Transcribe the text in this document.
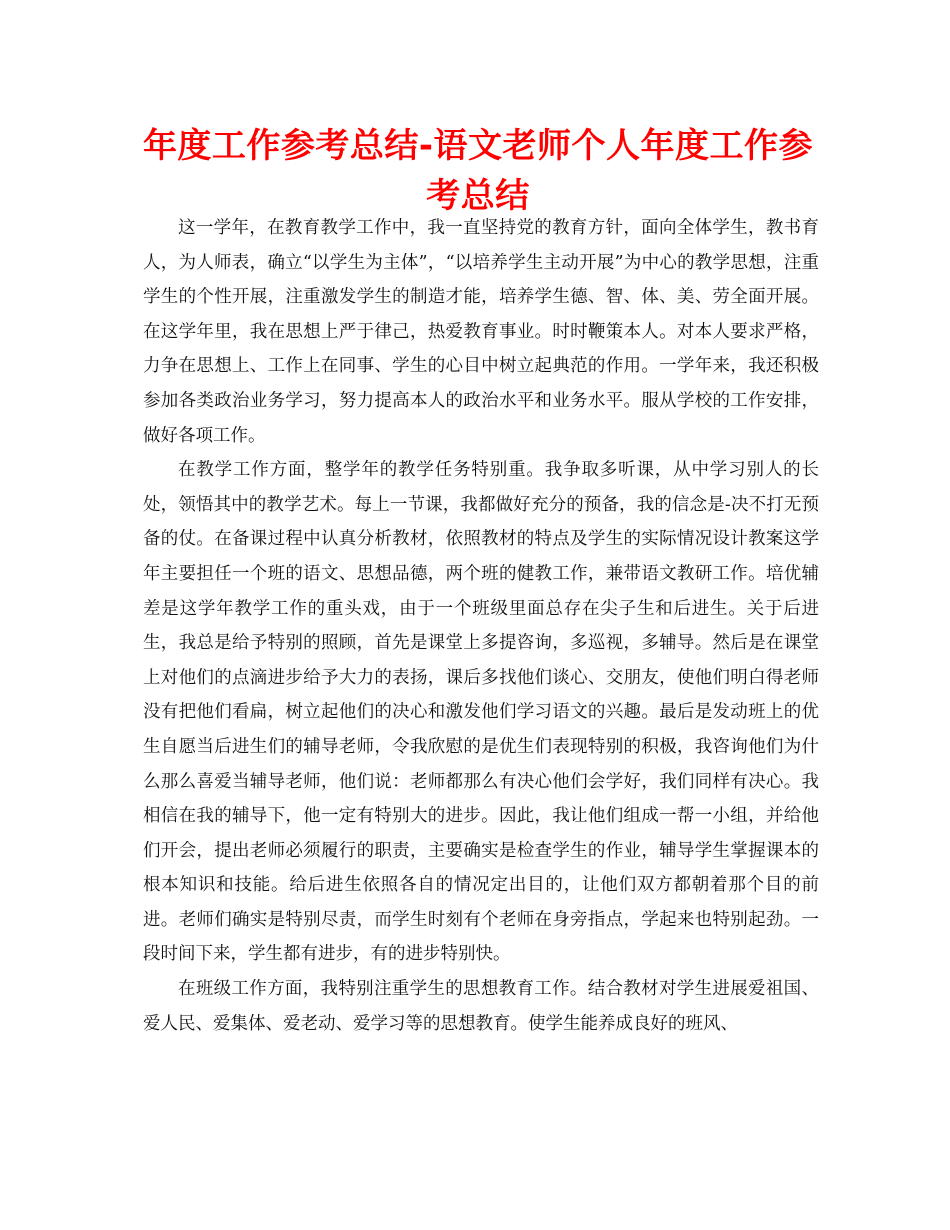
年度工作参考总结-语文老师个人年度工作参考总结

这一学年，在教育教学工作中，我一直坚持党的教育方针，面向全体学生，教书育人，为人师表，确立“以学生为主体”，“以培养学生主动开展”为中心的教学思想，注重学生的个性开展，注重激发学生的制造才能，培养学生德、智、体、美、劳全面开展。在这学年里，我在思想上严于律己，热爱教育事业。时时鞭策本人。对本人要求严格，力争在思想上、工作上在同事、学生的心目中树立起典范的作用。一学年来，我还积极参加各类政治业务学习，努力提高本人的政治水平和业务水平。服从学校的工作安排，做好各项工作。

在教学工作方面，整学年的教学任务特别重。我争取多听课，从中学习别人的长处，领悟其中的教学艺术。每上一节课，我都做好充分的预备，我的信念是-决不打无预备的仗。在备课过程中认真分析教材，依照教材的特点及学生的实际情况设计教案这学年主要担任一个班的语文、思想品德，两个班的健教工作，兼带语文教研工作。培优辅差是这学年教学工作的重头戏，由于一个班级里面总存在尖子生和后进生。关于后进生，我总是给予特别的照顾，首先是课堂上多提咨询，多巡视，多辅导。然后是在课堂上对他们的点滴进步给予大力的表扬，课后多找他们谈心、交朋友，使他们明白得老师没有把他们看扁，树立起他们的决心和激发他们学习语文的兴趣。最后是发动班上的优生自愿当后进生们的辅导老师，令我欣慰的是优生们表现特别的积极，我咨询他们为什么那么喜爱当辅导老师，他们说：老师都那么有决心他们会学好，我们同样有决心。我相信在我的辅导下，他一定有特别大的进步。因此，我让他们组成一帮一小组，并给他们开会，提出老师必须履行的职责，主要确实是检查学生的作业，辅导学生掌握课本的根本知识和技能。给后进生依照各自的情况定出目的，让他们双方都朝着那个目的前进。老师们确实是特别尽责，而学生时刻有个老师在身旁指点，学起来也特别起劲。一段时间下来，学生都有进步，有的进步特别快。

在班级工作方面，我特别注重学生的思想教育工作。结合教材对学生进展爱祖国、爱人民、爱集体、爱老动、爱学习等的思想教育。使学生能养成良好的班风、
